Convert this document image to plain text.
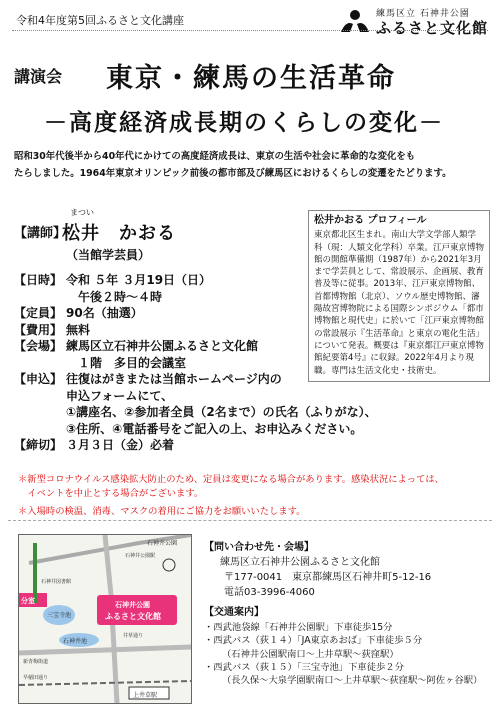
令和4年度第5回ふるさと文化講座	練馬区立 石神井公園
ふるさと文化館
講演会 東京・練馬の生活革命
－高度経済成長期のくらしの変化－
昭和30年代後半から40年代にかけての高度経済成長は、東京の生活や社会に革命的な変化をも
たらしました。1964年東京オリンピック前後の都市部及び練馬区におけるくらしの変遷をたどります。
【講師】
まつい
松井　かおる
（当館学芸員）
【日時】 令和 ５年 ３月19日（日）
午後２時～４時
【定員】 90名（抽選）
【費用】 無料
【会場】 練馬区立石神井公園ふるさと文化館
１階　多目的会議室
【申込】 往復はがきまたは当館ホームページ内の
申込フォームにて、
①講座名、②参加者全員（2名まで）の氏名（ふりがな）、
③住所、④電話番号をご記入の上、お申込みください。
【締切】 ３月３日（金）必着
松井かおる プロフィール
東京都北区生まれ。南山大学文学部人類学科（現：人類文化学科）卒業。江戸東京博物館の開館準備期（1987年）から2021年3月まで学芸員として、常設展示、企画展、教育普及等に従事。2013年、江戸東京博物館、首都博物館（北京）、ソウル歴史博物館、瀋陽故宮博物院による国際シンポジウム「都市博物館と現代史」に於いて「江戸東京博物館の常設展示『生活革命』と東京の電化生活」について発表。概要は『東京都江戸東京博物館紀要第4号』に収録。2022年4月より現職。専門は生活文化史・技術史。
＊新型コロナウイルス感染拡大防止のため、定員は変更になる場合があります。感染状況によっては、
　イベントを中止とする場合がございます。
＊入場時の検温、消毒、マスクの着用にご協力をお願いいたします。
石神井公園
分室
三宝寺池
石神井池
石神井公園
ふるさと文化館
上井草駅
石神井図書館
井草通り
新青梅街道
早稲田通り
石神井公園駅
【問い合わせ先・会場】
練馬区立石神井公園ふるさと文化館
〒177-0041　東京都練馬区石神井町5-12-16
電話03-3996-4060
【交通案内】
・西武池袋線「石神井公園駅」下車徒歩15分
・西武バス（荻１４）「JA東京あおば」下車徒歩５分
（石神井公園駅南口～上井草駅～荻窪駅）
・西武バス（荻１５）「三宝寺池」下車徒歩２分
（長久保～大泉学園駅南口～上井草駅～荻窪駅～阿佐ヶ谷駅）
